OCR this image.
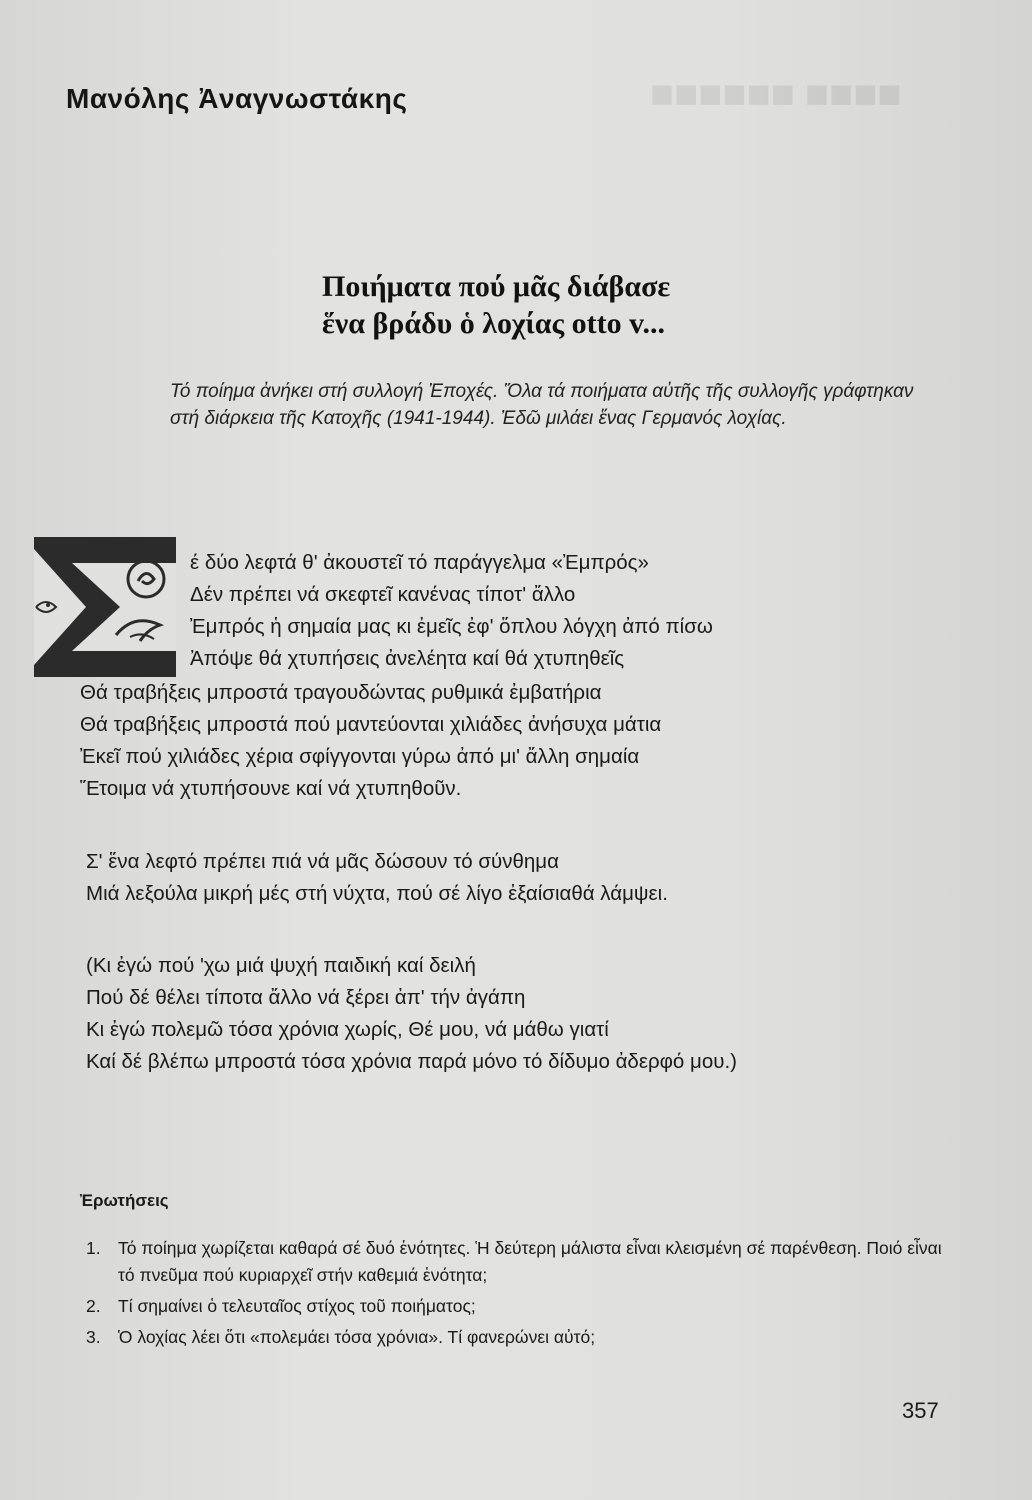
■■■■ ■■■■■■
Μανόλης Ἀναγνωστάκης
Ποιήματα πού μᾶς διάβασε
ἕνα βράδυ ὁ λοχίας otto v...
Τό ποίημα ἀνήκει στή συλλογή Ἐποχές. Ὅλα τά ποιήματα αὐτῆς τῆς συλλογῆς γράφτηκαν στή διάρκεια τῆς Κατοχῆς (1941-1944). Ἐδῶ μιλάει ἕνας Γερμανός λοχίας.
έ δύο λεφτά θ' ἀκουστεῖ τό παράγγελμα «Ἐμπρός»
Δέν πρέπει νά σκεφτεῖ κανένας τίποτ' ἄλλο
Ἐμπρός ἡ σημαία μας κι ἐμεῖς ἐφ' ὅπλου λόγχη ἀπό πίσω
Ἀπόψε θά χτυπήσεις ἀνελέητα καί θά χτυπηθεῖς
Θά τραβήξεις μπροστά τραγουδώντας ρυθμικά ἐμβατήρια
Θά τραβήξεις μπροστά πού μαντεύονται χιλιάδες ἀνήσυχα μάτια
Ἐκεῖ πού χιλιάδες χέρια σφίγγονται γύρω ἀπό μι' ἄλλη σημαία
Ἕτοιμα νά χτυπήσουνε καί νά χτυπηθοῦν.
Σ' ἕνα λεφτό πρέπει πιά νά μᾶς δώσουν τό σύνθημα
Μιά λεξούλα μικρή μές στή νύχτα, πού σέ λίγο ἐξαίσιαθά λάμψει.
(Κι ἐγώ πού 'χω μιά ψυχή παιδική καί δειλή
Πού δέ θέλει τίποτα ἄλλο νά ξέρει ἀπ' τήν ἀγάπη
Κι ἐγώ πολεμῶ τόσα χρόνια χωρίς, Θέ μου, νά μάθω γιατί
Καί δέ βλέπω μπροστά τόσα χρόνια παρά μόνο τό δίδυμο ἀδερφό μου.)
Ἐρωτήσεις
1. Τό ποίημα χωρίζεται καθαρά σέ δυό ἑνότητες. Ἡ δεύτερη μάλιστα εἶναι κλεισμένη σέ παρένθεση. Ποιό εἶναι τό πνεῦμα πού κυριαρχεῖ στήν καθεμιά ἑνότητα;
2. Τί σημαίνει ὁ τελευταῖος στίχος τοῦ ποιήματος;
3. Ὁ λοχίας λέει ὅτι «πολεμάει τόσα χρόνια». Τί φανερώνει αὐτό;
357
